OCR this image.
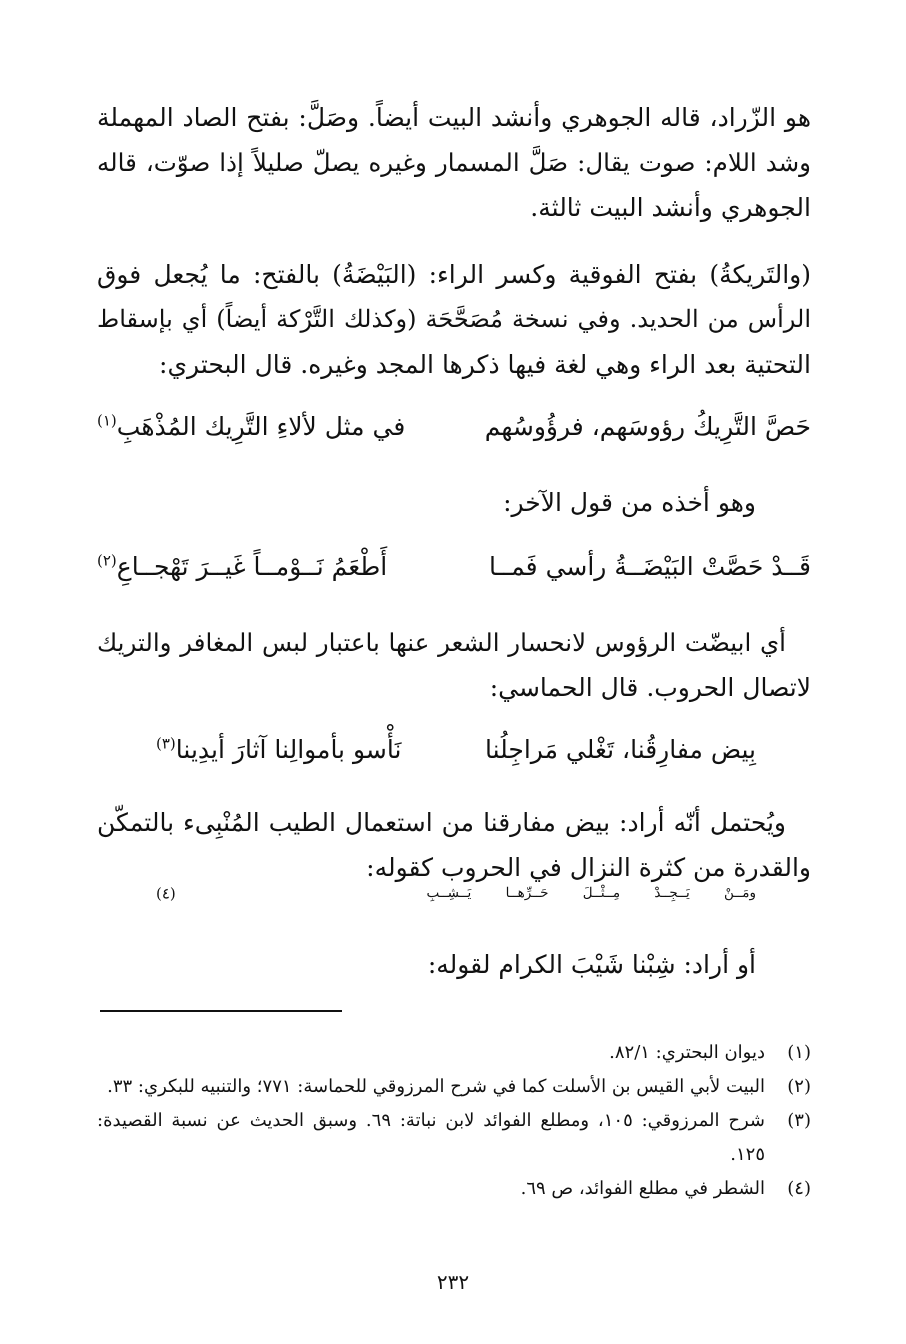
هو الزّراد، قاله الجوهري وأنشد البيت أيضاً. وصَلَّ: بفتح الصاد المهملة
وشد اللام: صوت يقال: صَلَّ المسمار وغيره يصلّ صليلاً إذا صوّت، قاله
الجوهري وأنشد البيت ثالثة.
(والتَريكةُ) بفتح الفوقية وكسر الراء: (البَيْضَةُ) بالفتح: ما يُجعل فوق
الرأس من الحديد. وفي نسخة مُصَحَّحَة (وكذلك التَّرْكة أيضاً) أي بإسقاط
التحتية بعد الراء وهي لغة فيها ذكرها المجد وغيره. قال البحتري:
حَصَّ التَّرِيكُ رؤوسَهم، فرؤُوسُهم
في مثل لألاءِ التَّرِيك المُذْهَبِ$^{(١)}$
وهو أخذه من قول الآخر:
قَــدْ حَصَّتْ البَيْضَــةُ رأسي فَمــا
أَطْعَمُ نَــوْمــاً غَيــرَ تَهْجــاعِ$^{(٢)}$
أي ابيضّت الرؤوس لانحسار الشعر عنها باعتبار لبس المغافر والتريك
لاتصال الحروب. قال الحماسي:
بِيض مفارِقُنا، تَغْلي مَراجِلُنا
نَأْسو بأموالِنا آثارَ أيدِينا$^{(٣)}$
ويُحتمل أنّه أراد: بيض مفارقنا من استعمال الطيب المُنْبِىء بالتمكّن
والقدرة من كثرة النزال في الحروب كقوله:
ومَــنْ يَــجِــدْ مِــثْــلَ حَــرِّهــا يَــشِــبِ
$^{(٤)}$
أو أراد: شِبْنا شَيْبَ الكرام لقوله:
(١)
ديوان البحتري: ٨٢/١.
(٢)
البيت لأبي القيس بن الأسلت كما في شرح المرزوقي للحماسة: ٧٧١؛ والتنبيه للبكري: ٣٣.
(٣)
شرح المرزوقي: ١٠٥، ومطلع الفوائد لابن نباتة: ٦٩. وسبق الحديث عن نسبة القصيدة: ١٢٥.
(٤)
الشطر في مطلع الفوائد، ص ٦٩.
٢٣٢
